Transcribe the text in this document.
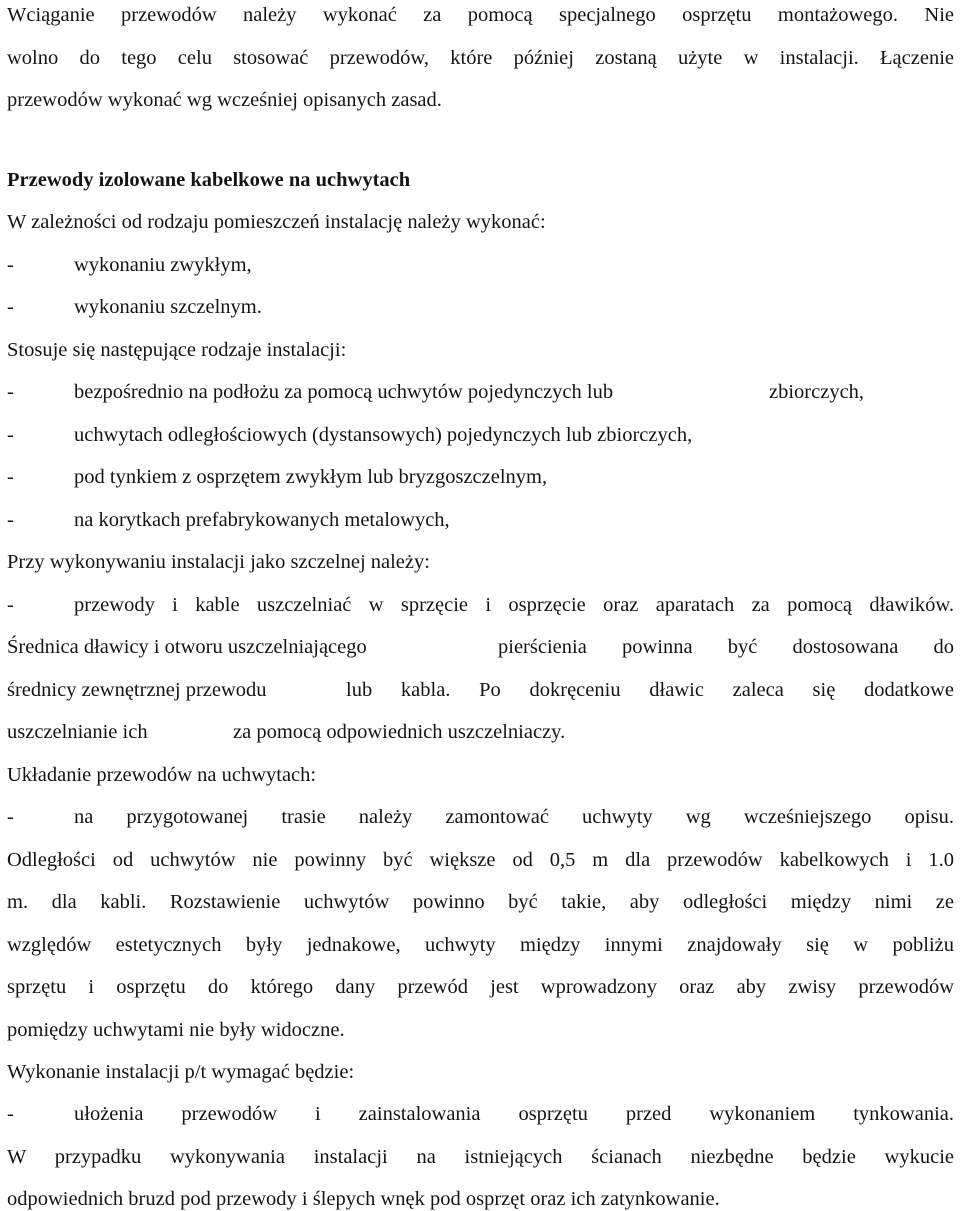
Wciąganie przewodów należy wykonać za pomocą specjalnego osprzętu montażowego. Nie
wolno do tego celu stosować przewodów, które później zostaną użyte w instalacji. Łączenie
przewodów wykonać wg wcześniej opisanych zasad.
Przewody izolowane kabelkowe na uchwytach
W zależności od rodzaju pomieszczeń instalację należy wykonać:
-	wykonaniu zwykłym,
-	wykonaniu szczelnym.
Stosuje się następujące rodzaje instalacji:
-	bezpośrednio na podłożu za pomocą uchwytów pojedynczych lub	zbiorczych,
-	uchwytach odległościowych (dystansowych) pojedynczych lub zbiorczych,
-	pod tynkiem z osprzętem zwykłym lub bryzgoszczelnym,
-	na korytkach prefabrykowanych metalowych,
Przy wykonywaniu instalacji jako szczelnej należy:
-	przewody i kable uszczelniać w sprzęcie i osprzęcie oraz aparatach za pomocą dławików.
Średnica dławicy i otworu uszczelniającego	pierścienia powinna być dostosowana do
średnicy zewnętrznej przewodu	lub kabla. Po dokręceniu dławic zaleca się dodatkowe
uszczelnianie ich	za pomocą odpowiednich uszczelniaczy.
Układanie przewodów na uchwytach:
-	na przygotowanej trasie należy zamontować uchwyty wg wcześniejszego opisu.
Odległości od uchwytów nie powinny być większe od 0,5 m dla przewodów kabelkowych i 1.0
m. dla kabli. Rozstawienie uchwytów powinno być takie, aby odległości między nimi ze
względów estetycznych były jednakowe, uchwyty między innymi znajdowały się w pobliżu
sprzętu i osprzętu do którego dany przewód jest wprowadzony oraz aby zwisy przewodów
pomiędzy uchwytami nie były widoczne.
Wykonanie instalacji p/t wymagać będzie:
-	ułożenia przewodów i zainstalowania osprzętu przed wykonaniem tynkowania.
W przypadku wykonywania instalacji na istniejących ścianach niezbędne będzie wykucie
odpowiednich bruzd pod przewody i ślepych wnęk pod osprzęt oraz ich zatynkowanie.
